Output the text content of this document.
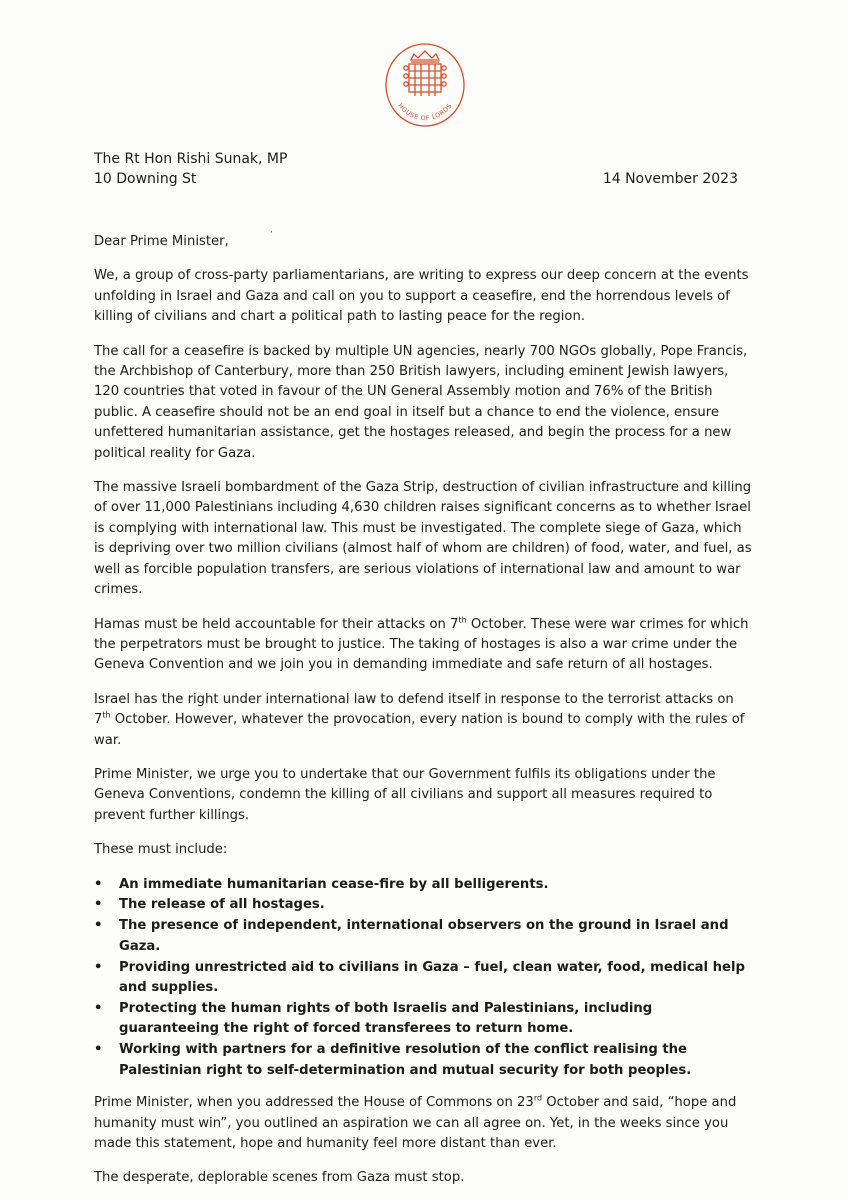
HOUSE OF LORDS
The Rt Hon Rishi Sunak, MP
10 Downing St	14 November 2023
,

Dear Prime Minister,

We, a group of cross-party parliamentarians, are writing to express our deep concern at the events unfolding in Israel and Gaza and call on you to support a ceasefire, end the horrendous levels of killing of civilians and chart a political path to lasting peace for the region.

The call for a ceasefire is backed by multiple UN agencies, nearly 700 NGOs globally, Pope Francis, the Archbishop of Canterbury, more than 250 British lawyers, including eminent Jewish lawyers, 120 countries that voted in favour of the UN General Assembly motion and 76% of the British public. A ceasefire should not be an end goal in itself but a chance to end the violence, ensure unfettered humanitarian assistance, get the hostages released, and begin the process for a new political reality for Gaza.

The massive Israeli bombardment of the Gaza Strip, destruction of civilian infrastructure and killing of over 11,000 Palestinians including 4,630 children raises significant concerns as to whether Israel is complying with international law. This must be investigated. The complete siege of Gaza, which is depriving over two million civilians (almost half of whom are children) of food, water, and fuel, as well as forcible population transfers, are serious violations of international law and amount to war crimes.

Hamas must be held accountable for their attacks on 7th October. These were war crimes for which the perpetrators must be brought to justice. The taking of hostages is also a war crime under the Geneva Convention and we join you in demanding immediate and safe return of all hostages.

Israel has the right under international law to defend itself in response to the terrorist attacks on 7th October. However, whatever the provocation, every nation is bound to comply with the rules of war.

Prime Minister, we urge you to undertake that our Government fulfils its obligations under the Geneva Conventions, condemn the killing of all civilians and support all measures required to prevent further killings.

These must include:

• An immediate humanitarian cease-fire by all belligerents.
• The release of all hostages.
• The presence of independent, international observers on the ground in Israel and Gaza.
• Providing unrestricted aid to civilians in Gaza – fuel, clean water, food, medical help and supplies.
• Protecting the human rights of both Israelis and Palestinians, including guaranteeing the right of forced transferees to return home.
• Working with partners for a definitive resolution of the conflict realising the Palestinian right to self-determination and mutual security for both peoples.

Prime Minister, when you addressed the House of Commons on 23rd October and said, “hope and humanity must win”, you outlined an aspiration we can all agree on. Yet, in the weeks since you made this statement, hope and humanity feel more distant than ever.

The desperate, deplorable scenes from Gaza must stop.
